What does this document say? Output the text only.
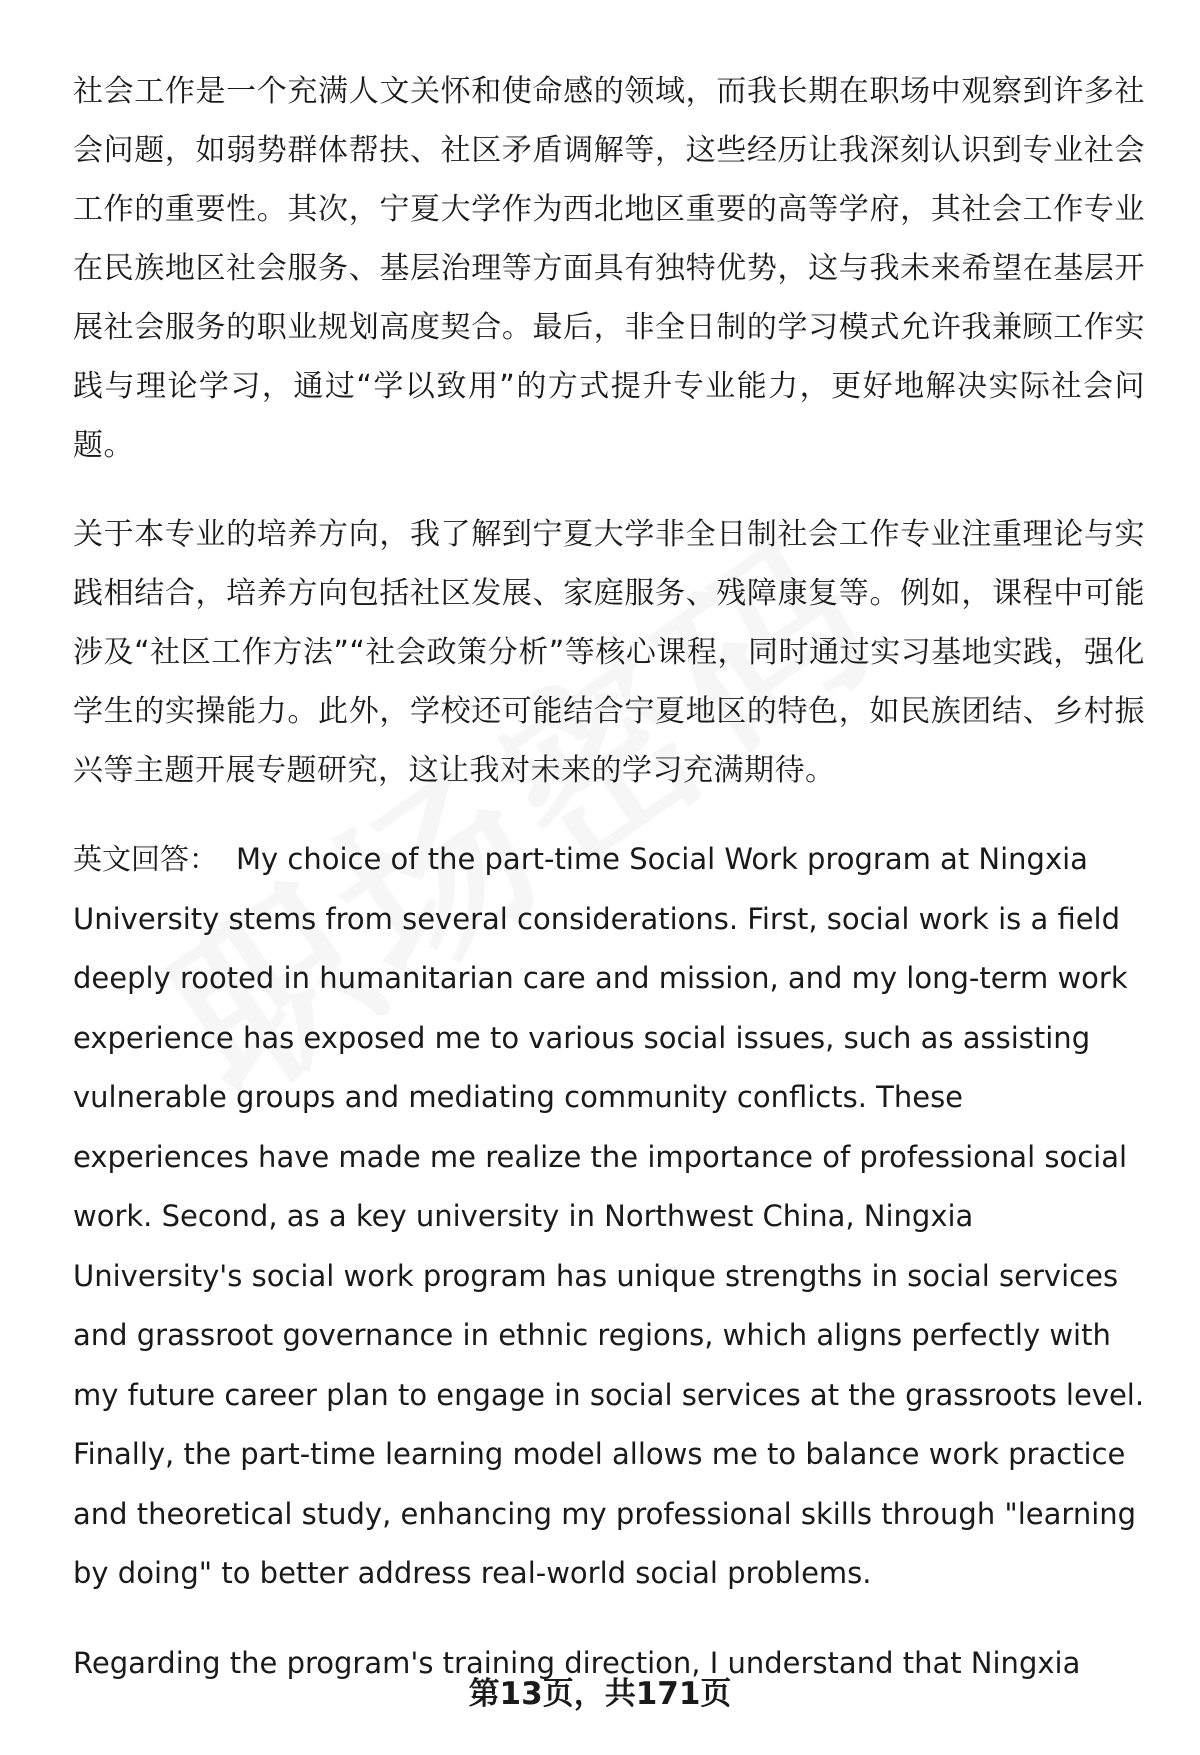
社会工作是一个充满人文关怀和使命感的领域，而我长期在职场中观察到许多社会问题，如弱势群体帮扶、社区矛盾调解等，这些经历让我深刻认识到专业社会工作的重要性。其次，宁夏大学作为西北地区重要的高等学府，其社会工作专业在民族地区社会服务、基层治理等方面具有独特优势，这与我未来希望在基层开展社会服务的职业规划高度契合。最后，非全日制的学习模式允许我兼顾工作实践与理论学习，通过“学以致用”的方式提升专业能力，更好地解决实际社会问题。

关于本专业的培养方向，我了解到宁夏大学非全日制社会工作专业注重理论与实践相结合，培养方向包括社区发展、家庭服务、残障康复等。例如，课程中可能涉及“社区工作方法”“社会政策分析”等核心课程，同时通过实习基地实践，强化学生的实操能力。此外，学校还可能结合宁夏地区的特色，如民族团结、乡村振兴等主题开展专题研究，这让我对未来的学习充满期待。

英文回答： My choice of the part-time Social Work program at Ningxia University stems from several considerations. First, social work is a field deeply rooted in humanitarian care and mission, and my long-term work experience has exposed me to various social issues, such as assisting vulnerable groups and mediating community conflicts. These experiences have made me realize the importance of professional social work. Second, as a key university in Northwest China, Ningxia University's social work program has unique strengths in social services and grassroot governance in ethnic regions, which aligns perfectly with my future career plan to engage in social services at the grassroots level. Finally, the part-time learning model allows me to balance work practice and theoretical study, enhancing my professional skills through "learning by doing" to better address real-world social problems.

Regarding the program's training direction, I understand that Ningxia

第13页，共171页
